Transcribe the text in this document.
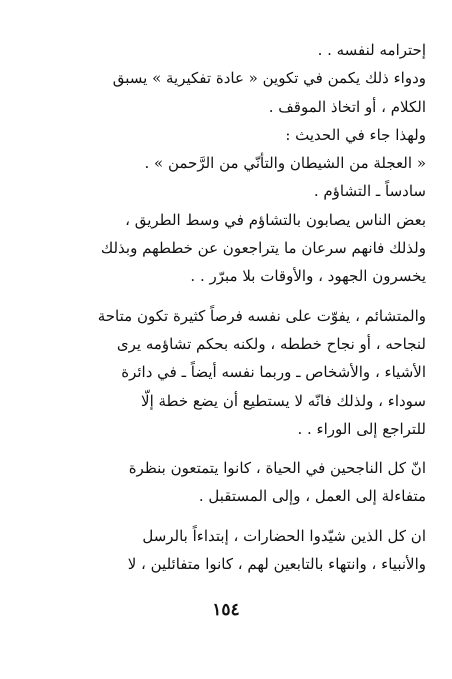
إحترامه لنفسه . .
ودواء ذلك يكمن في تكوين « عادة تفكيرية » يسبق
الكلام ، أو اتخاذ الموقف .
ولهذا جاء في الحديث :
« العجلة من الشيطان والتأنّي من الرَّحمن » .
سادساً ـ التشاؤم .
بعض الناس يصابون بالتشاؤم في وسط الطريق ،
ولذلك فانهم سرعان ما يتراجعون عن خططهم وبذلك
يخسرون الجهود ، والأوقات بلا مبرّر . .
والمتشائم ، يفوّت على نفسه فرصاً كثيرة تكون متاحة
لنجاحه ، أو نجاح خططه ، ولكنه بحكم تشاؤمه يرى
الأشياء ، والأشخاص ـ وربما نفسه أيضاً ـ في دائرة
سوداء ، ولذلك فانّه لا يستطيع أن يضع خطة إلّا
للتراجع إلى الوراء . .
انّ كل الناجحين في الحياة ، كانوا يتمتعون بنظرة
متفاءلة إلى العمل ، وإلى المستقبل .
ان كل الذين شيّدوا الحضارات ، إبتداءاً بالرسل
والأنبياء ، وانتهاء بالتابعين لهم ، كانوا متفائلين ، لا
١٥٤
